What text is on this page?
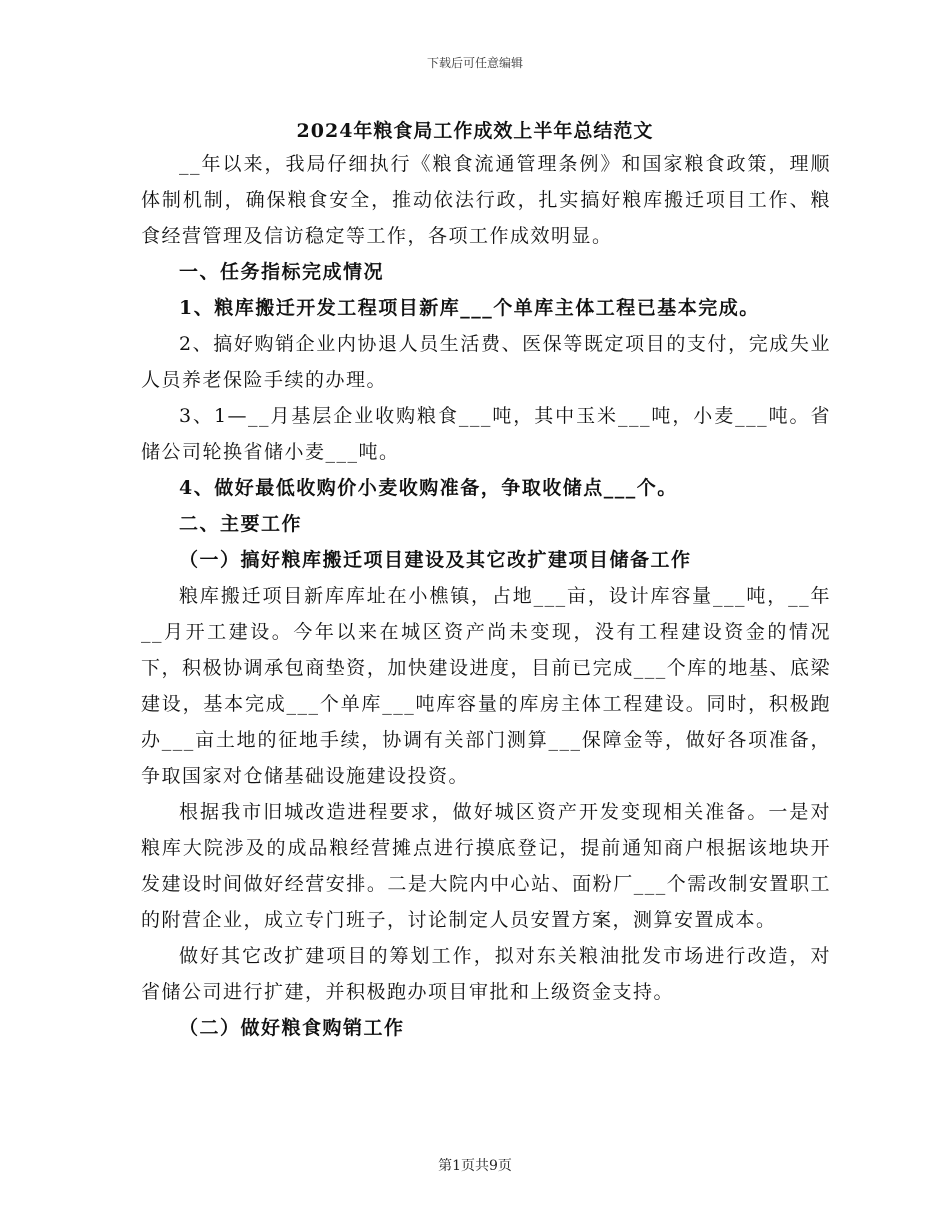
下载后可任意编辑
2024年粮食局工作成效上半年总结范文

__年以来，我局仔细执行《粮食流通管理条例》和国家粮食政策，理顺体制机制，确保粮食安全，推动依法行政，扎实搞好粮库搬迁项目工作、粮食经营管理及信访稳定等工作，各项工作成效明显。

一、任务指标完成情况

1、粮库搬迁开发工程项目新库___个单库主体工程已基本完成。

2、搞好购销企业内协退人员生活费、医保等既定项目的支付，完成失业人员养老保险手续的办理。

3、1—__月基层企业收购粮食___吨，其中玉米___吨，小麦___吨。省储公司轮换省储小麦___吨。

4、做好最低收购价小麦收购准备，争取收储点___个。

二、主要工作

（一）搞好粮库搬迁项目建设及其它改扩建项目储备工作

粮库搬迁项目新库库址在小樵镇，占地___亩，设计库容量___吨，__年__月开工建设。今年以来在城区资产尚未变现，没有工程建设资金的情况下，积极协调承包商垫资，加快建设进度，目前已完成___个库的地基、底梁建设，基本完成___个单库___吨库容量的库房主体工程建设。同时，积极跑办___亩土地的征地手续，协调有关部门测算___保障金等，做好各项准备，争取国家对仓储基础设施建设投资。

根据我市旧城改造进程要求，做好城区资产开发变现相关准备。一是对粮库大院涉及的成品粮经营摊点进行摸底登记，提前通知商户根据该地块开发建设时间做好经营安排。二是大院内中心站、面粉厂___个需改制安置职工的附营企业，成立专门班子，讨论制定人员安置方案，测算安置成本。

做好其它改扩建项目的筹划工作，拟对东关粮油批发市场进行改造，对省储公司进行扩建，并积极跑办项目审批和上级资金支持。

（二）做好粮食购销工作

第1页共9页
